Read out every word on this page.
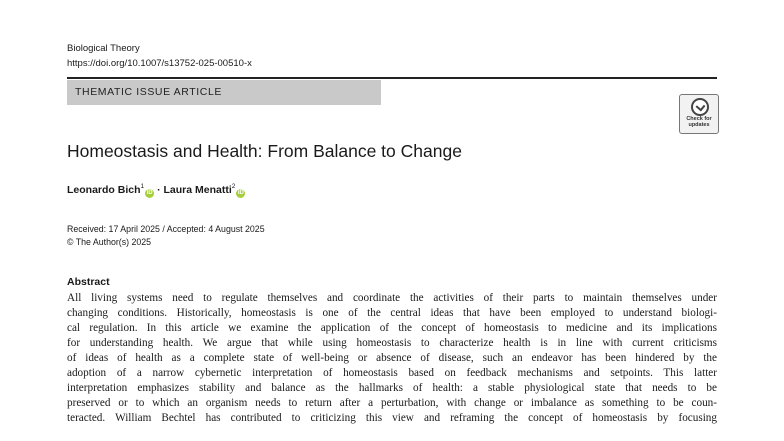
Biological Theory
https://doi.org/10.1007/s13752-025-00510-x
THEMATIC ISSUE ARTICLE
Check for
updates
Homeostasis and Health: From Balance to Change
Leonardo Bich$^1$iD · Laura Menatti$^2$iD
Received: 17 April 2025 / Accepted: 4 August 2025
© The Author(s) 2025
Abstract
All living systems need to regulate themselves and coordinate the activities of their parts to maintain themselves under
changing conditions. Historically, homeostasis is one of the central ideas that have been employed to understand biologi-
cal regulation. In this article we examine the application of the concept of homeostasis to medicine and its implications
for understanding health. We argue that while using homeostasis to characterize health is in line with current criticisms
of ideas of health as a complete state of well-being or absence of disease, such an endeavor has been hindered by the
adoption of a narrow cybernetic interpretation of homeostasis based on feedback mechanisms and setpoints. This latter
interpretation emphasizes stability and balance as the hallmarks of health: a stable physiological state that needs to be
preserved or to which an organism needs to return after a perturbation, with change or imbalance as something to be coun-
teracted. William Bechtel has contributed to criticizing this view and reframing the concept of homeostasis by focusing
